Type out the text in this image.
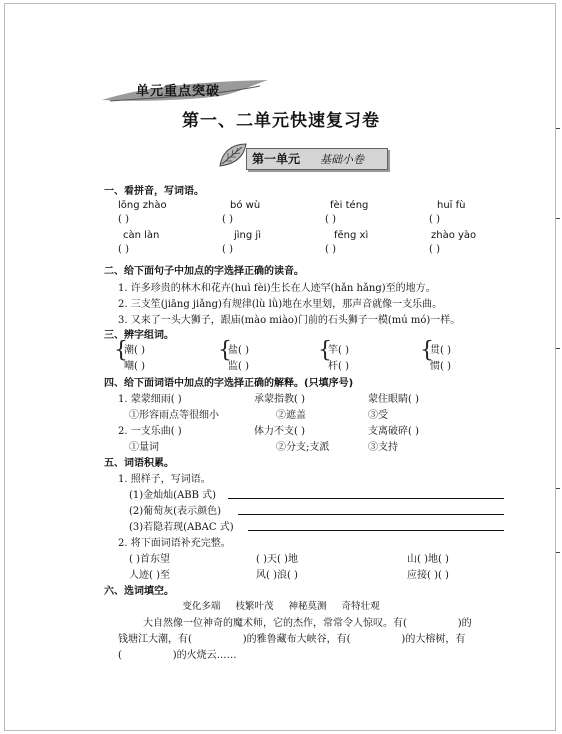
单元重点突破
第一、二单元快速复习卷
第一单元 基础小卷
一、看拼音，写词语。
lōng zhào	bó wù	fèi téng	huī fù
( )	( )	( )	( )
càn làn	jìng jì	fēng xì	zhào yào
( )	( )	( )	( )
二、给下面句子中加点的字选择正确的读音。
1. 许多珍贵的林木和花卉(huì fèi)生长在人迹罕(hǎn hǎng)至的地方。
2. 三支笙(jiāng jiǎng)有规律(lù lǜ)地在水里划，那声音就像一支乐曲。
3. 又来了一头大狮子，跟庙(mào miào)门前的石头狮子一模(mú mó)一样。
三、辨字组词。
{
潮( )
嘲( )
{
盐( )
监( )
{
竿( )
杆( )
{
贯( )
惯( )
四、给下面词语中加点的字选择正确的解释。(只填序号)
1. 蒙蒙细雨( )	承蒙指教( )	蒙住眼睛( )
①形容雨点等很细小	②遮盖	③受
2. 一支乐曲( )	体力不支( )	支离破碎( )
①量词	②分支;支派	③支持
五、词语积累。
1. 照样子，写词语。
(1)金灿灿(ABB 式)
(2)葡萄灰(表示颜色)
(3)若隐若现(ABAC 式)
2. 将下面词语补充完整。
( )首东望	( )天( )地	山( )地( )
人迹( )至	风( )浪( )	应接( )( )
六、选词填空。
变化多端     枝繁叶茂     神秘莫测     奇特壮观
大自然像一位神奇的魔术师，它的杰作，常常令人惊叹。有(                )的
钱塘江大潮，有(                )的雅鲁藏布大峡谷，有(                )的大榕树，有
(                )的火烧云……
